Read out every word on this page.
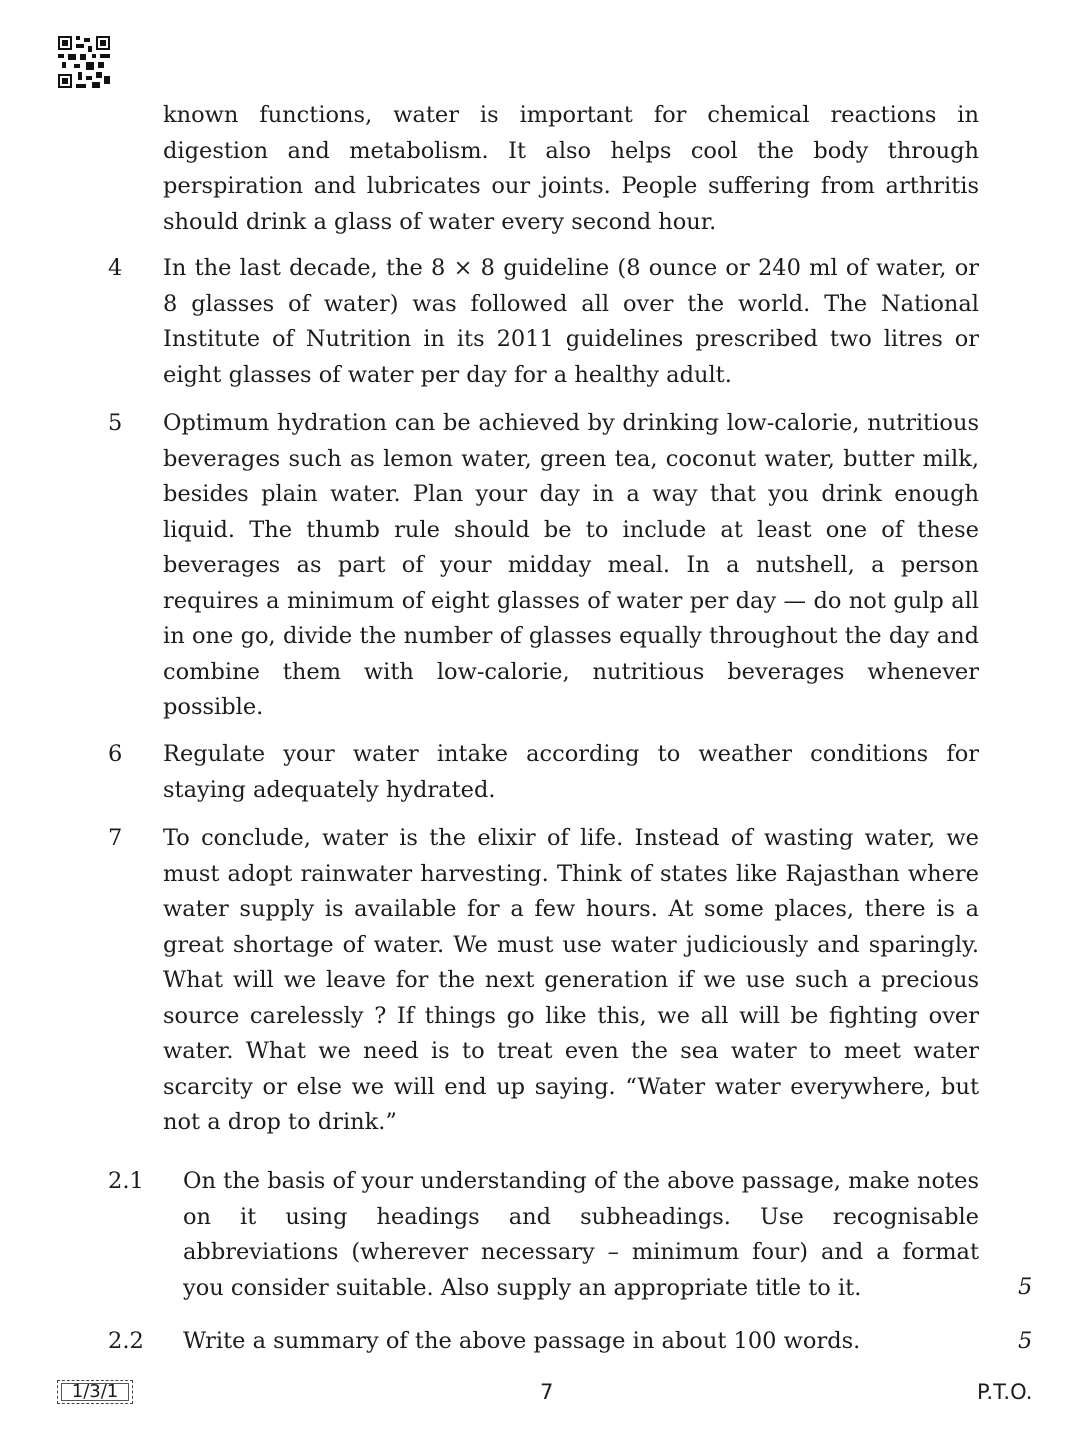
known functions, water is important for chemical reactions in digestion and metabolism. It also helps cool the body through perspiration and lubricates our joints. People suffering from arthritis should drink a glass of water every second hour.
4 In the last decade, the 8 × 8 guideline (8 ounce or 240 ml of water, or 8 glasses of water) was followed all over the world. The National Institute of Nutrition in its 2011 guidelines prescribed two litres or eight glasses of water per day for a healthy adult.
5 Optimum hydration can be achieved by drinking low-calorie, nutritious beverages such as lemon water, green tea, coconut water, butter milk, besides plain water. Plan your day in a way that you drink enough liquid. The thumb rule should be to include at least one of these beverages as part of your midday meal. In a nutshell, a person requires a minimum of eight glasses of water per day — do not gulp all in one go, divide the number of glasses equally throughout the day and combine them with low-calorie, nutritious beverages whenever possible.
6 Regulate your water intake according to weather conditions for staying adequately hydrated.
7 To conclude, water is the elixir of life. Instead of wasting water, we must adopt rainwater harvesting. Think of states like Rajasthan where water supply is available for a few hours. At some places, there is a great shortage of water. We must use water judiciously and sparingly. What will we leave for the next generation if we use such a precious source carelessly ? If things go like this, we all will be fighting over water. What we need is to treat even the sea water to meet water scarcity or else we will end up saying. “Water water everywhere, but not a drop to drink.”
2.1 On the basis of your understanding of the above passage, make notes on it using headings and subheadings. Use recognisable abbreviations (wherever necessary – minimum four) and a format you consider suitable. Also supply an appropriate title to it.	5
2.2 Write a summary of the above passage in about 100 words.	5
1/3/1	7	P.T.O.
